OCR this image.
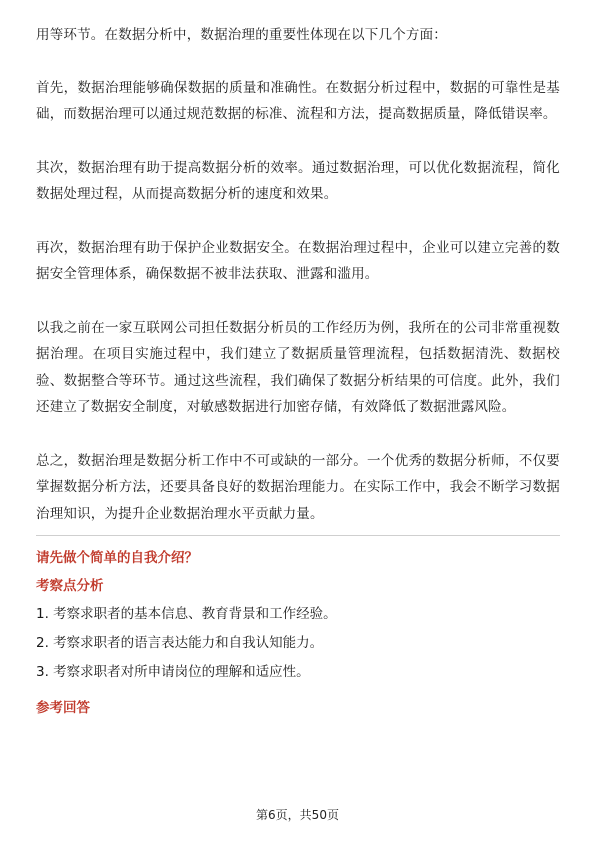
用等环节。在数据分析中，数据治理的重要性体现在以下几个方面：

首先，数据治理能够确保数据的质量和准确性。在数据分析过程中，数据的可靠性是基础，而数据治理可以通过规范数据的标准、流程和方法，提高数据质量，降低错误率。

其次，数据治理有助于提高数据分析的效率。通过数据治理，可以优化数据流程，简化数据处理过程，从而提高数据分析的速度和效果。

再次，数据治理有助于保护企业数据安全。在数据治理过程中，企业可以建立完善的数据安全管理体系，确保数据不被非法获取、泄露和滥用。

以我之前在一家互联网公司担任数据分析员的工作经历为例，我所在的公司非常重视数据治理。在项目实施过程中，我们建立了数据质量管理流程，包括数据清洗、数据校验、数据整合等环节。通过这些流程，我们确保了数据分析结果的可信度。此外，我们还建立了数据安全制度，对敏感数据进行加密存储，有效降低了数据泄露风险。

总之，数据治理是数据分析工作中不可或缺的一部分。一个优秀的数据分析师，不仅要掌握数据分析方法，还要具备良好的数据治理能力。在实际工作中，我会不断学习数据治理知识，为提升企业数据治理水平贡献力量。

请先做个简单的自我介绍？

考察点分析

1. 考察求职者的基本信息、教育背景和工作经验。

2. 考察求职者的语言表达能力和自我认知能力。

3. 考察求职者对所申请岗位的理解和适应性。

参考回答

第6页，共50页
